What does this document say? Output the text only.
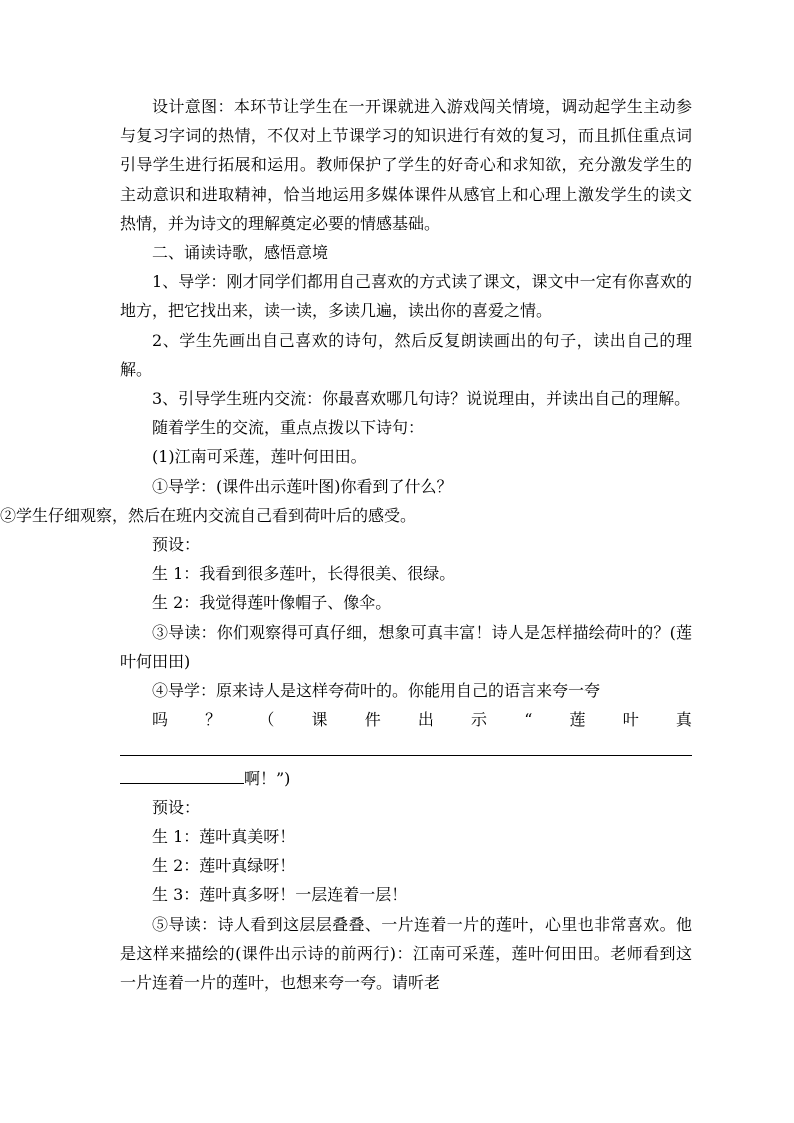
设计意图：本环节让学生在一开课就进入游戏闯关情境，调动起学生主动参与复习字词的热情，不仅对上节课学习的知识进行有效的复习，而且抓住重点词引导学生进行拓展和运用。教师保护了学生的好奇心和求知欲，充分激发学生的主动意识和进取精神，恰当地运用多媒体课件从感官上和心理上激发学生的读文热情，并为诗文的理解奠定必要的情感基础。

二、诵读诗歌，感悟意境

1、导学：刚才同学们都用自己喜欢的方式读了课文，课文中一定有你喜欢的地方，把它找出来，读一读，多读几遍，读出你的喜爱之情。

2、学生先画出自己喜欢的诗句，然后反复朗读画出的句子，读出自己的理解。

3、引导学生班内交流：你最喜欢哪几句诗？说说理由，并读出自己的理解。

随着学生的交流，重点点拨以下诗句：

(1)江南可采莲，莲叶何田田。

①导学：(课件出示莲叶图)你看到了什么？

②学生仔细观察，然后在班内交流自己看到荷叶后的感受。

预设：

生 1：我看到很多莲叶，长得很美、很绿。

生 2：我觉得莲叶像帽子、像伞。

③导读：你们观察得可真仔细，想象可真丰富！诗人是怎样描绘荷叶的？(莲叶何田田)

④导学：原来诗人是这样夸荷叶的。你能用自己的语言来夸一夸

吗 ？ （ 课 件 出 示 “ 莲 叶 真

啊！”)

预设：

生 1：莲叶真美呀！

生 2：莲叶真绿呀！

生 3：莲叶真多呀！一层连着一层！

⑤导读：诗人看到这层层叠叠、一片连着一片的莲叶，心里也非常喜欢。他是这样来描绘的(课件出示诗的前两行)：江南可采莲，莲叶何田田。老师看到这一片连着一片的莲叶，也想来夸一夸。请听老
